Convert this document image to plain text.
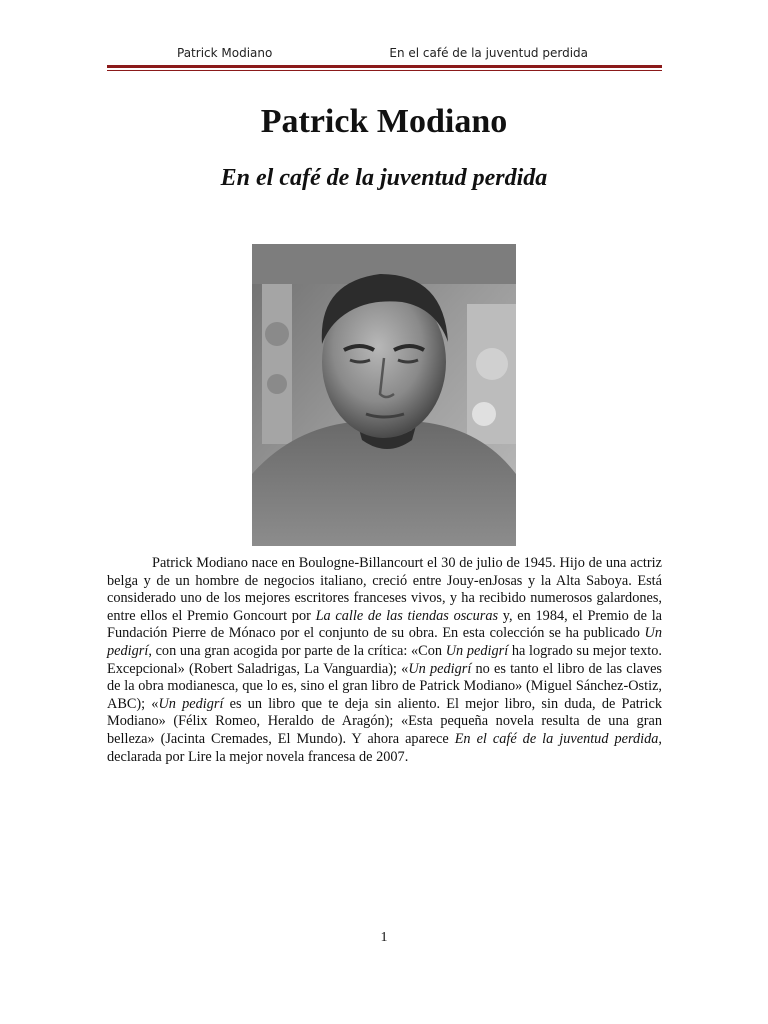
Patrick Modiano	En el café de la juventud perdida
Patrick Modiano
En el café de la juventud perdida

Patrick Modiano nace en Boulogne-Billancourt el 30 de julio de 1945. Hijo de una actriz belga y de un hombre de negocios italiano, creció entre Jouy-enJosas y la Alta Saboya. Está considerado uno de los mejores escritores franceses vivos, y ha recibido numerosos galardones, entre ellos el Premio Goncourt por La calle de las tiendas oscuras y, en 1984, el Premio de la Fundación Pierre de Mónaco por el conjunto de su obra. En esta colección se ha publicado Un pedigrí, con una gran acogida por parte de la crítica: «Con Un pedigrí ha logrado su mejor texto. Excepcional» (Robert Saladrigas, La Vanguardia); «Un pedigrí no es tanto el libro de las claves de la obra modianesca, que lo es, sino el gran libro de Patrick Modiano» (Miguel Sánchez-Ostiz, ABC); «Un pedigrí es un libro que te deja sin aliento. El mejor libro, sin duda, de Patrick Modiano» (Félix Romeo, Heraldo de Aragón); «Esta pequeña novela resulta de una gran belleza» (Jacinta Cremades, El Mundo). Y ahora aparece En el café de la juventud perdida, declarada por Lire la mejor novela francesa de 2007.

1
